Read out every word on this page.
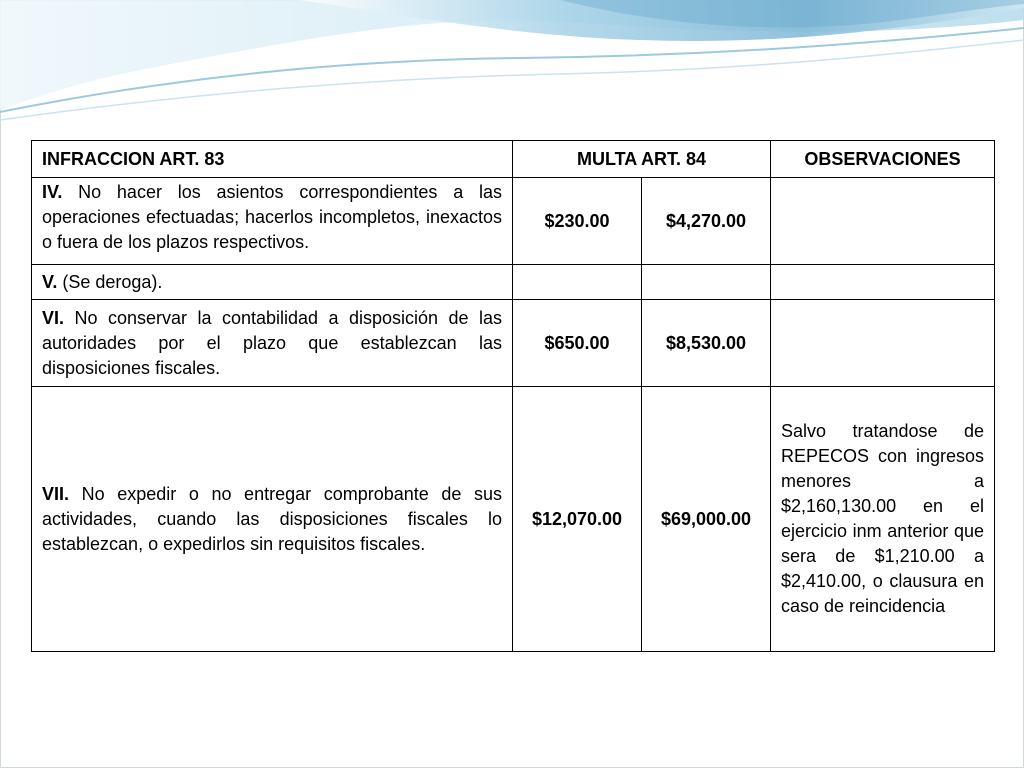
INFRACCION ART. 83	MULTA ART. 84		OBSERVACIONES

IV. No hacer los asientos correspondientes a las operaciones efectuadas; hacerlos incompletos, inexactos o fuera de los plazos respectivos.	$230.00	$4,270.00	
V. (Se deroga).			
VI. No conservar la contabilidad a disposición de las autoridades por el plazo que establezcan las disposiciones fiscales.	$650.00	$8,530.00	
VII. No expedir o no entregar comprobante de sus actividades, cuando las disposiciones fiscales lo establezcan, o expedirlos sin requisitos fiscales.	$12,070.00	$69,000.00	Salvo tratandose de REPECOS con ingresos menores a $2,160,130.00 en el ejercicio inm anterior que sera de $1,210.00 a $2,410.00, o clausura en caso de reincidencia
